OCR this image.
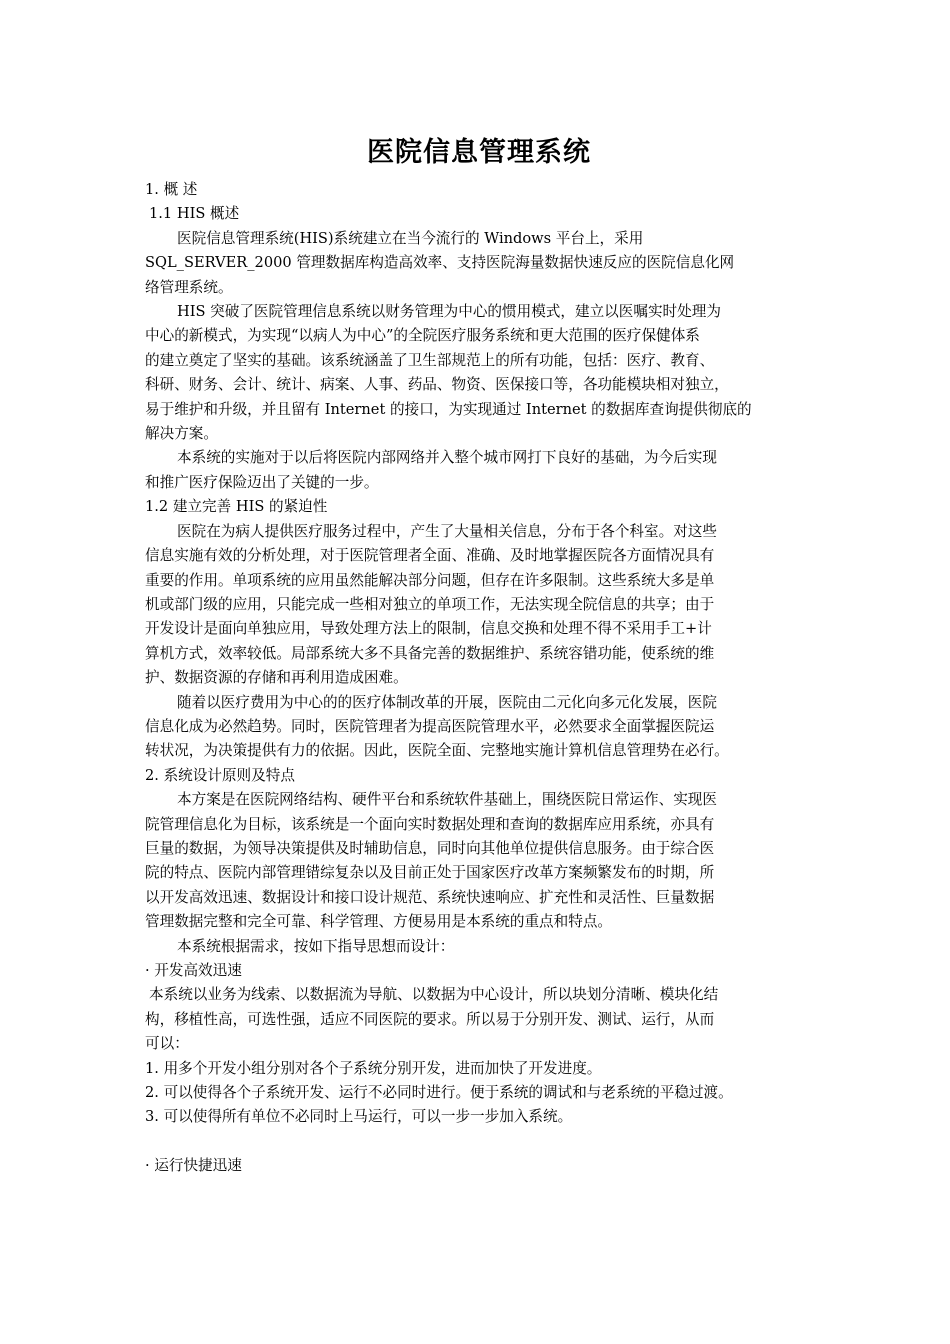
医院信息管理系统
1. 概 述
1.1 HIS 概述
医院信息管理系统(HIS)系统建立在当今流行的 Windows 平台上，采用
SQL_SERVER_2000 管理数据库构造高效率、支持医院海量数据快速反应的医院信息化网
络管理系统。
HIS 突破了医院管理信息系统以财务管理为中心的惯用模式，建立以医嘱实时处理为
中心的新模式，为实现“以病人为中心”的全院医疗服务系统和更大范围的医疗保健体系
的建立奠定了坚实的基础。该系统涵盖了卫生部规范上的所有功能，包括：医疗、教育、
科研、财务、会计、统计、病案、人事、药品、物资、医保接口等，各功能模块相对独立，
易于维护和升级，并且留有 Internet 的接口，为实现通过 Internet 的数据库查询提供彻底的
解决方案。
本系统的实施对于以后将医院内部网络并入整个城市网打下良好的基础，为今后实现
和推广医疗保险迈出了关键的一步。
1.2 建立完善 HIS 的紧迫性
医院在为病人提供医疗服务过程中，产生了大量相关信息，分布于各个科室。对这些
信息实施有效的分析处理，对于医院管理者全面、准确、及时地掌握医院各方面情况具有
重要的作用。单项系统的应用虽然能解决部分问题，但存在许多限制。这些系统大多是单
机或部门级的应用，只能完成一些相对独立的单项工作，无法实现全院信息的共享；由于
开发设计是面向单独应用，导致处理方法上的限制，信息交换和处理不得不采用手工+计
算机方式，效率较低。局部系统大多不具备完善的数据维护、系统容错功能，使系统的维
护、数据资源的存储和再利用造成困难。
随着以医疗费用为中心的的医疗体制改革的开展，医院由二元化向多元化发展，医院
信息化成为必然趋势。同时，医院管理者为提高医院管理水平，必然要求全面掌握医院运
转状况，为决策提供有力的依据。因此，医院全面、完整地实施计算机信息管理势在必行。
2. 系统设计原则及特点
本方案是在医院网络结构、硬件平台和系统软件基础上，围绕医院日常运作、实现医
院管理信息化为目标，该系统是一个面向实时数据处理和查询的数据库应用系统，亦具有
巨量的数据，为领导决策提供及时辅助信息，同时向其他单位提供信息服务。由于综合医
院的特点、医院内部管理错综复杂以及目前正处于国家医疗改革方案频繁发布的时期，所
以开发高效迅速、数据设计和接口设计规范、系统快速响应、扩充性和灵活性、巨量数据
管理数据完整和完全可靠、科学管理、方便易用是本系统的重点和特点。
本系统根据需求，按如下指导思想而设计：
· 开发高效迅速
本系统以业务为线索、以数据流为导航、以数据为中心设计，所以块划分清晰、模块化结
构，移植性高，可选性强，适应不同医院的要求。所以易于分别开发、测试、运行，从而
可以：
1. 用多个开发小组分别对各个子系统分别开发，进而加快了开发进度。
2. 可以使得各个子系统开发、运行不必同时进行。便于系统的调试和与老系统的平稳过渡。
3. 可以使得所有单位不必同时上马运行，可以一步一步加入系统。
· 运行快捷迅速
